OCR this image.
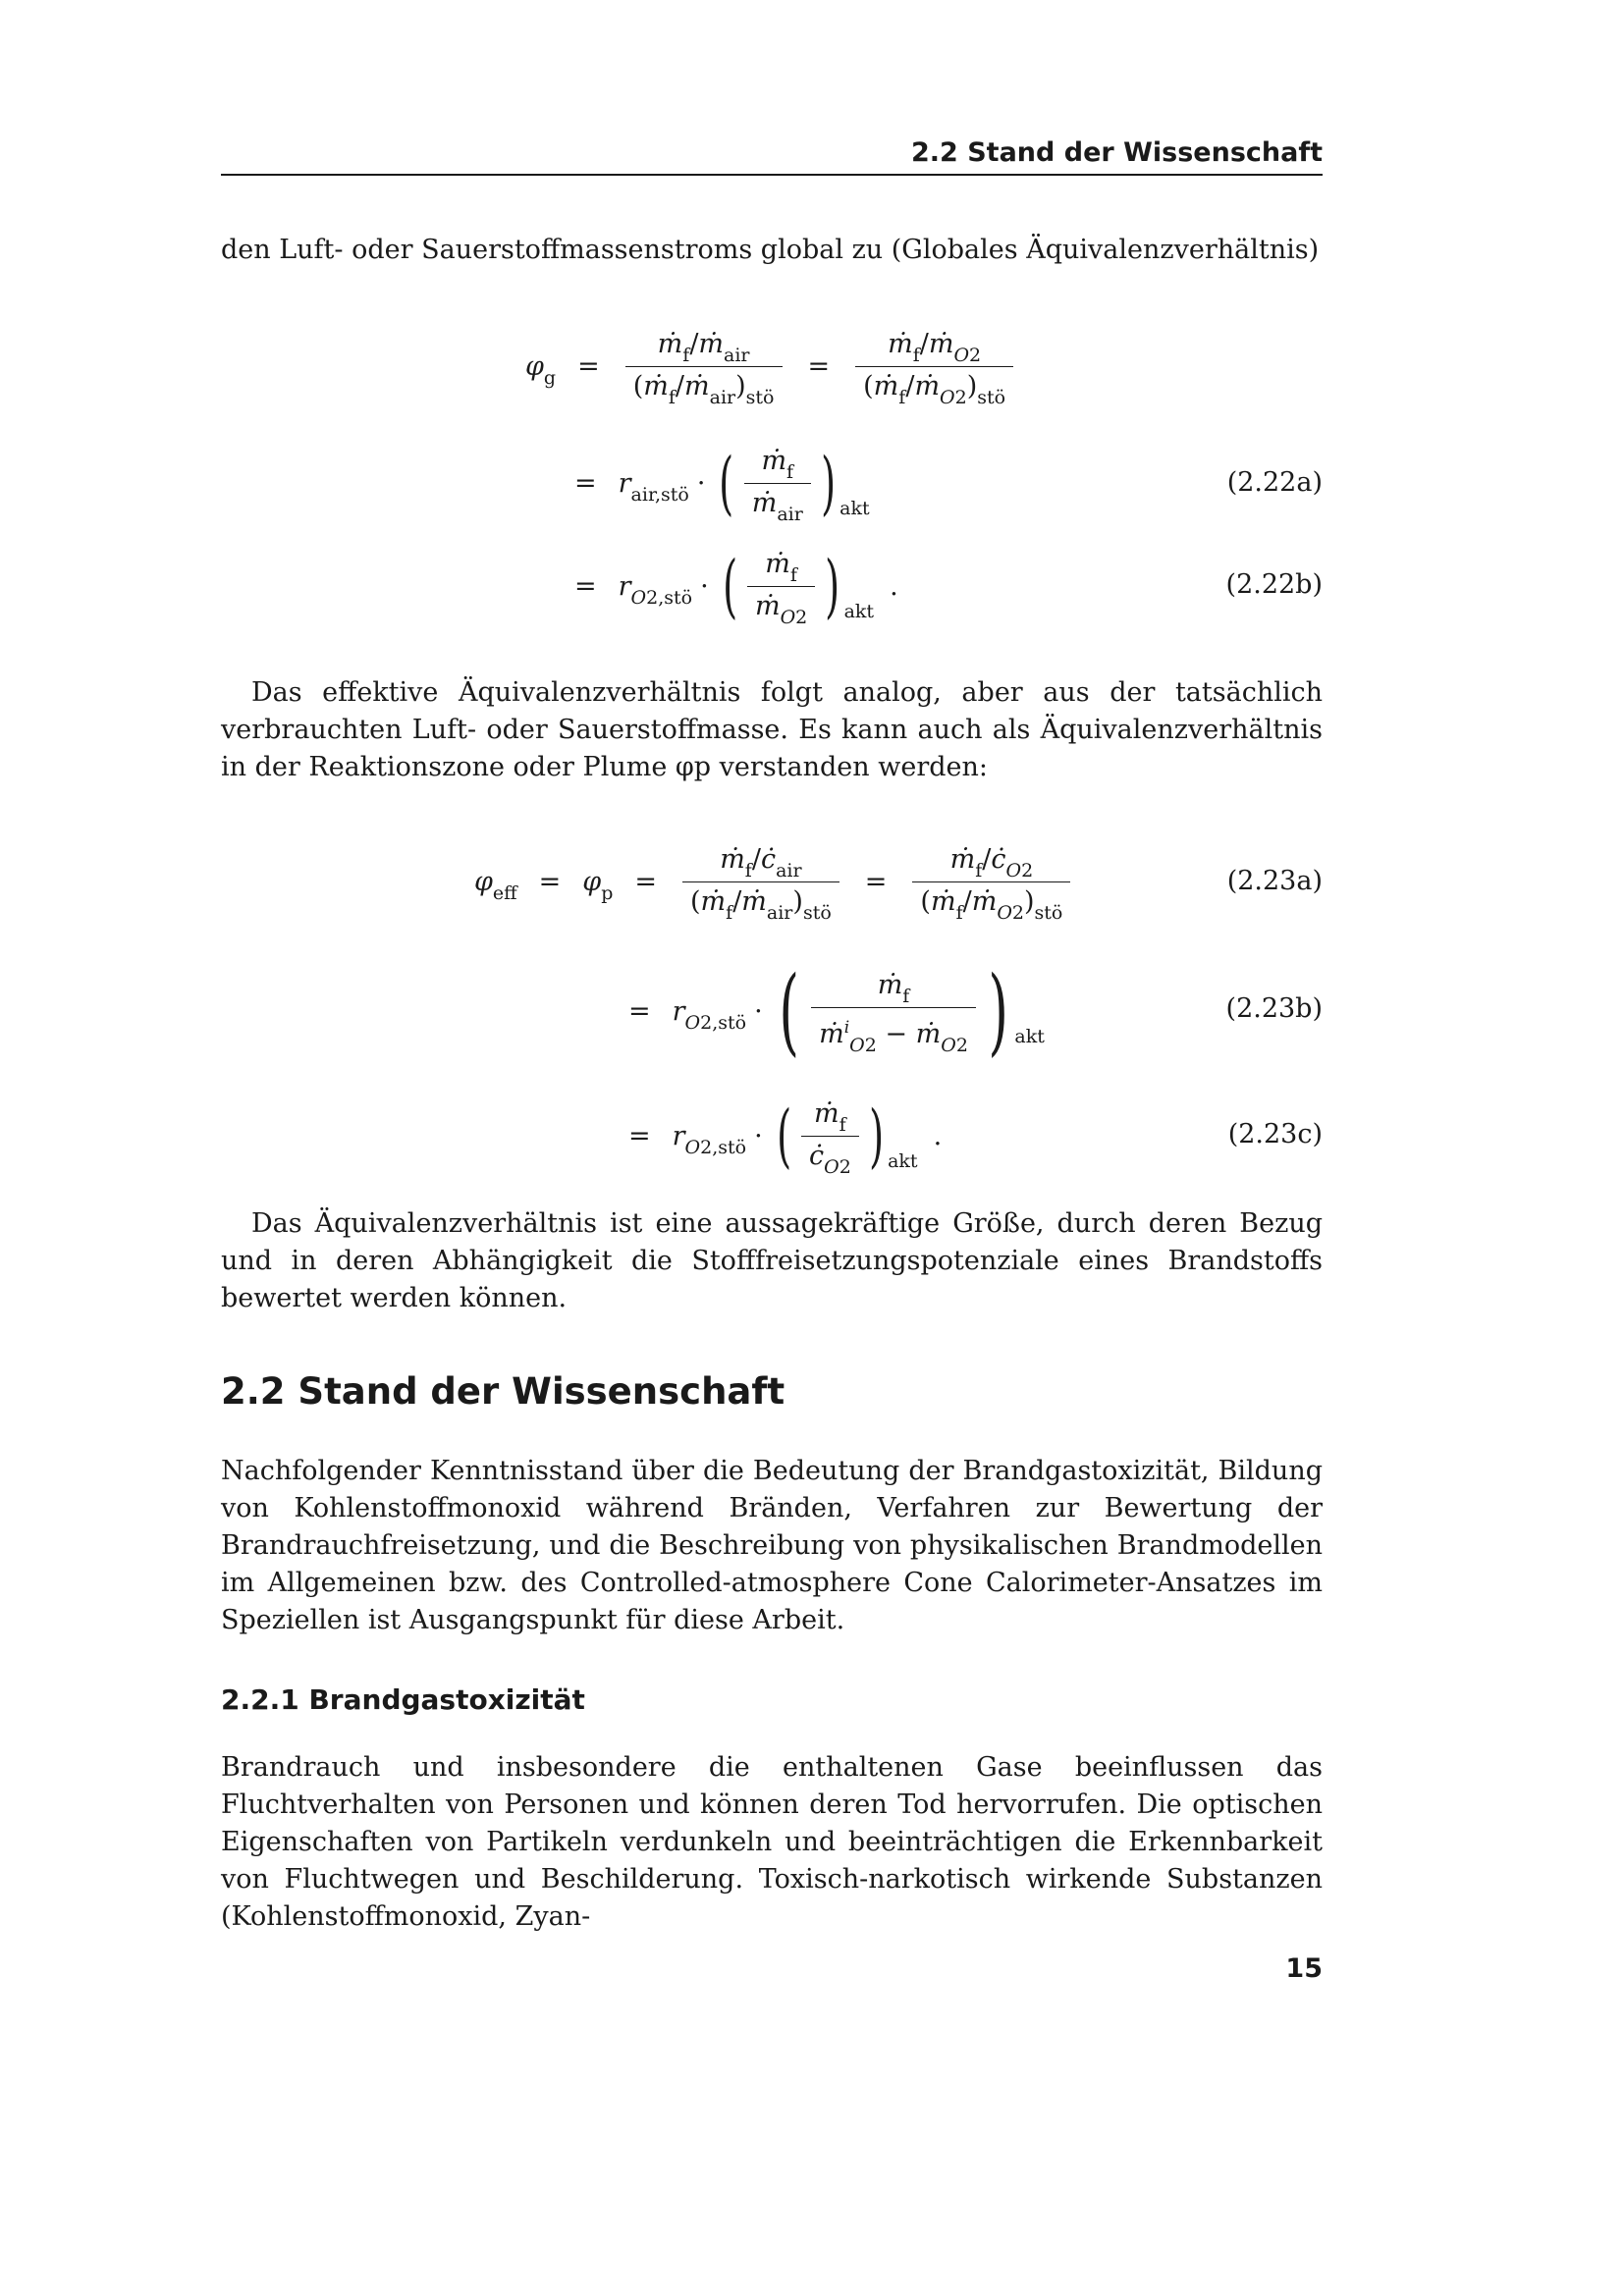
2.2 Stand der Wissenschaft

den Luft- oder Sauerstoffmassenstroms global zu (Globales Äquivalenzverhältnis)

$\varphi_g = \frac{ṁ_f/ṁ_{air}}{(ṁ_f/ṁ_{air})_{stö}} = \frac{ṁ_f/ṁ_{O2}}{(ṁ_f/ṁ_{O2})_{stö}}$
= $r_{air,stö}$ · ( $\frac{ṁ_f}{ṁ_{air}}$ ) akt
(2.22a)
= $r_{O2,stö}$ · ( $\frac{ṁ_f}{ṁ_{O2}}$ ) akt
.	(2.22b)

Das effektive Äquivalenzverhältnis folgt analog, aber aus der tatsächlich verbrauchten Luft- oder Sauerstoffmasse. Es kann auch als Äquivalenzverhältnis in der Reaktionszone oder Plume φp verstanden werden:

$\varphi_{eff} = \varphi_p = \frac{ṁ_f/ċ_{air}}{(ṁ_f/ṁ_{air})_{stö}} = \frac{ṁ_f/ċ_{O2}}{(ṁ_f/ṁ_{O2})_{stö}}$	(2.23a)
= $r_{O2,stö}$ · ( $\frac{ṁ_f}{ṁ^i_{O2} - ṁ_{O2}}$ ) akt
(2.23b)
= $r_{O2,stö}$ · ( $\frac{ṁ_f}{ċ_{O2}}$ ) akt
.	(2.23c)

Das Äquivalenzverhältnis ist eine aussagekräftige Größe, durch deren Bezug und in deren Abhängigkeit die Stofffreisetzungspotenziale eines Brandstoffs bewertet werden können.

2.2 Stand der Wissenschaft

Nachfolgender Kenntnisstand über die Bedeutung der Brandgastoxizität, Bildung von Kohlenstoffmonoxid während Bränden, Verfahren zur Bewertung der Brandrauchfreisetzung, und die Beschreibung von physikalischen Brandmodellen im Allgemeinen bzw. des Controlled-atmosphere Cone Calorimeter-Ansatzes im Speziellen ist Ausgangspunkt für diese Arbeit.

2.2.1 Brandgastoxizität

Brandrauch und insbesondere die enthaltenen Gase beeinflussen das Fluchtverhalten von Personen und können deren Tod hervorrufen. Die optischen Eigenschaften von Partikeln verdunkeln und beeinträchtigen die Erkennbarkeit von Fluchtwegen und Beschilderung. Toxisch-narkotisch wirkende Substanzen (Kohlenstoffmonoxid, Zyan-

15
